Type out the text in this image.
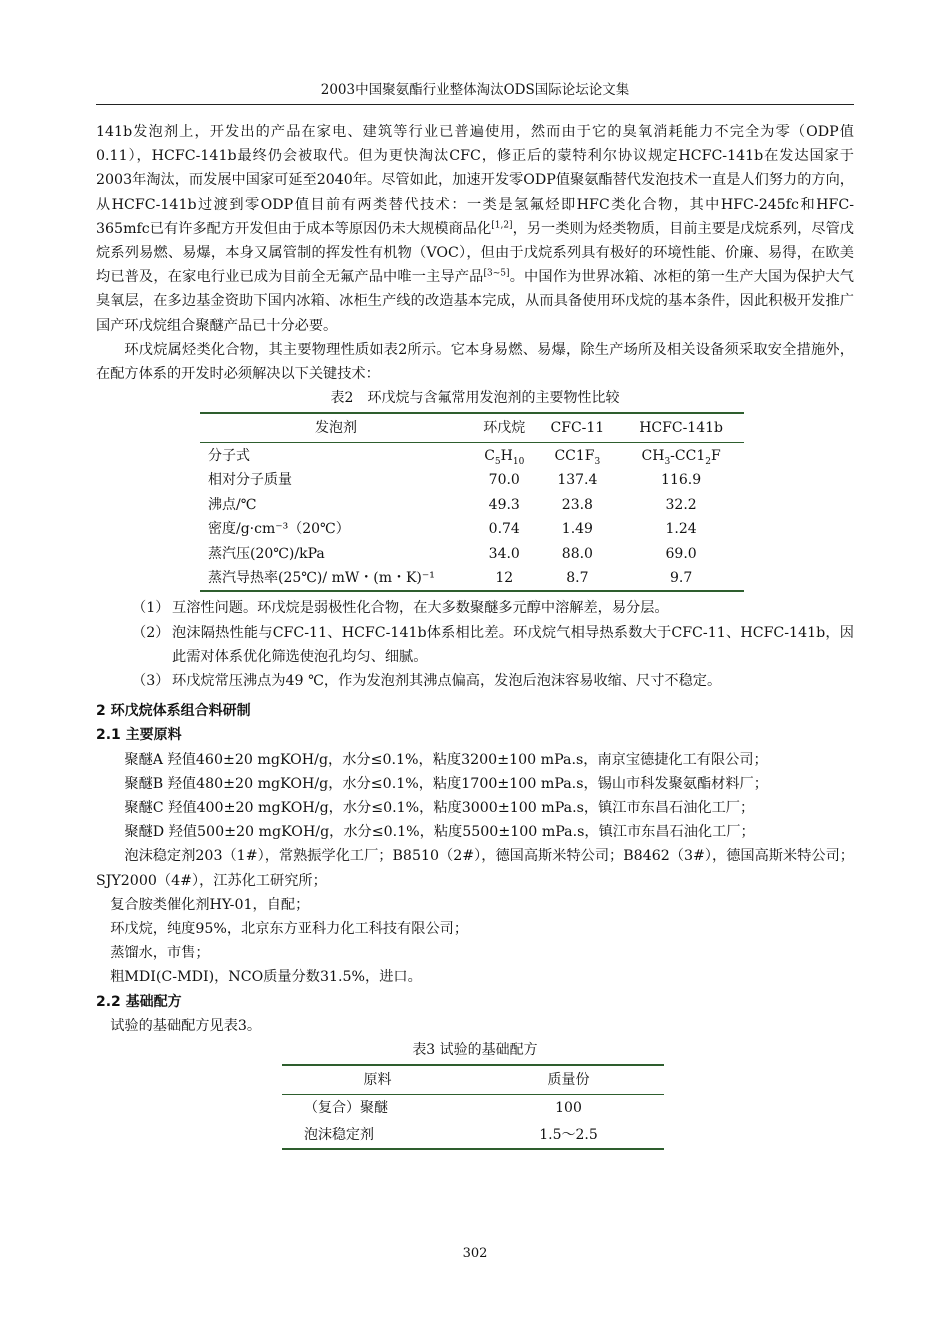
2003中国聚氨酯行业整体淘汰ODS国际论坛论文集

141b发泡剂上，开发出的产品在家电、建筑等行业已普遍使用，然而由于它的臭氧消耗能力不完全为零（ODP值0.11），HCFC-141b最终仍会被取代。但为更快淘汰CFC，修正后的蒙特利尔协议规定HCFC-141b在发达国家于2003年淘汰，而发展中国家可延至2040年。尽管如此，加速开发零ODP值聚氨酯替代发泡技术一直是人们努力的方向，从HCFC-141b过渡到零ODP值目前有两类替代技术：一类是氢氟烃即HFC类化合物，其中HFC-245fc和HFC-365mfc已有许多配方开发但由于成本等原因仍未大规模商品化[1,2]，另一类则为烃类物质，目前主要是戊烷系列，尽管戊烷系列易燃、易爆，本身又属管制的挥发性有机物（VOC），但由于戊烷系列具有极好的环境性能、价廉、易得，在欧美均已普及，在家电行业已成为目前全无氟产品中唯一主导产品[3~5]。中国作为世界冰箱、冰柜的第一生产大国为保护大气臭氧层，在多边基金资助下国内冰箱、冰柜生产线的改造基本完成，从而具备使用环戊烷的基本条件，因此积极开发推广国产环戊烷组合聚醚产品已十分必要。

环戊烷属烃类化合物，其主要物理性质如表2所示。它本身易燃、易爆，除生产场所及相关设备须采取安全措施外，在配方体系的开发时必须解决以下关键技术：

表2　环戊烷与含氟常用发泡剂的主要物性比较

发泡剂	环戊烷	CFC-11	HCFC-141b
分子式	$C_5H_{10}$	$CC1F_3$	$CH_3-CC1_2F$
相对分子质量	70.0	137.4	116.9
沸点/℃	49.3	23.8	32.2
密度/g·cm⁻³（20℃）	0.74	1.49	1.24
蒸汽压(20℃)/kPa	34.0	88.0	69.0
蒸汽导热率(25℃)/ mW・(m・K)⁻¹	12	8.7	9.7
（1） 互溶性问题。环戊烷是弱极性化合物，在大多数聚醚多元醇中溶解差，易分层。
（2） 泡沫隔热性能与CFC-11、HCFC-141b体系相比差。环戊烷气相导热系数大于CFC-11、HCFC-141b，因此需对体系优化筛选使泡孔均匀、细腻。
（3） 环戊烷常压沸点为49 ℃，作为发泡剂其沸点偏高，发泡后泡沫容易收缩、尺寸不稳定。

2 环戊烷体系组合料研制

2.1 主要原料

聚醚A 羟值460±20 mgKOH/g，水分≤0.1%，粘度3200±100 mPa.s，南京宝德捷化工有限公司；

聚醚B 羟值480±20 mgKOH/g，水分≤0.1%，粘度1700±100 mPa.s，锡山市科发聚氨酯材料厂；

聚醚C 羟值400±20 mgKOH/g，水分≤0.1%，粘度3000±100 mPa.s，镇江市东昌石油化工厂；

聚醚D 羟值500±20 mgKOH/g，水分≤0.1%，粘度5500±100 mPa.s，镇江市东昌石油化工厂；

泡沫稳定剂203（1#），常熟振学化工厂；B8510（2#），德国高斯米特公司；B8462（3#），德国高斯米特公司；SJY2000（4#），江苏化工研究所；

复合胺类催化剂HY-01，自配；

环戊烷，纯度95%，北京东方亚科力化工科技有限公司；

蒸馏水，市售；

粗MDI(C-MDI)，NCO质量分数31.5%，进口。

2.2 基础配方

试验的基础配方见表3。

表3 试验的基础配方

原料	质量份
（复合）聚醚	100
泡沫稳定剂	1.5～2.5
302
